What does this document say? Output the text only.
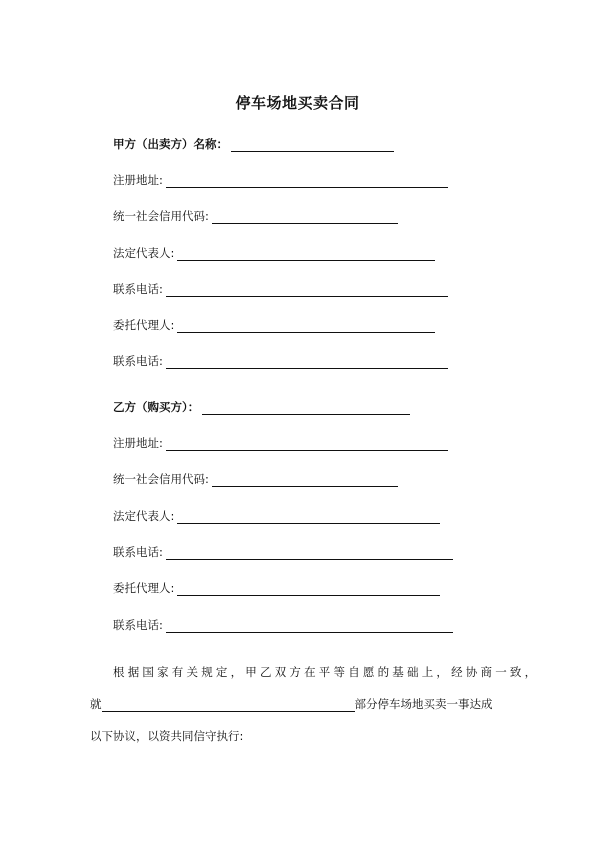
停车场地买卖合同
甲方（出卖方）名称：
注册地址:
统一社会信用代码:
法定代表人:
联系电话:
委托代理人:
联系电话:
乙方（购买方）：
注册地址:
统一社会信用代码:
法定代表人:
联系电话:
委托代理人:
联系电话:
根据国家有关规定，甲乙双方在平等自愿的基础上，经协商一致，
就	部分停车场地买卖一事达成
以下协议，以资共同信守执行:
